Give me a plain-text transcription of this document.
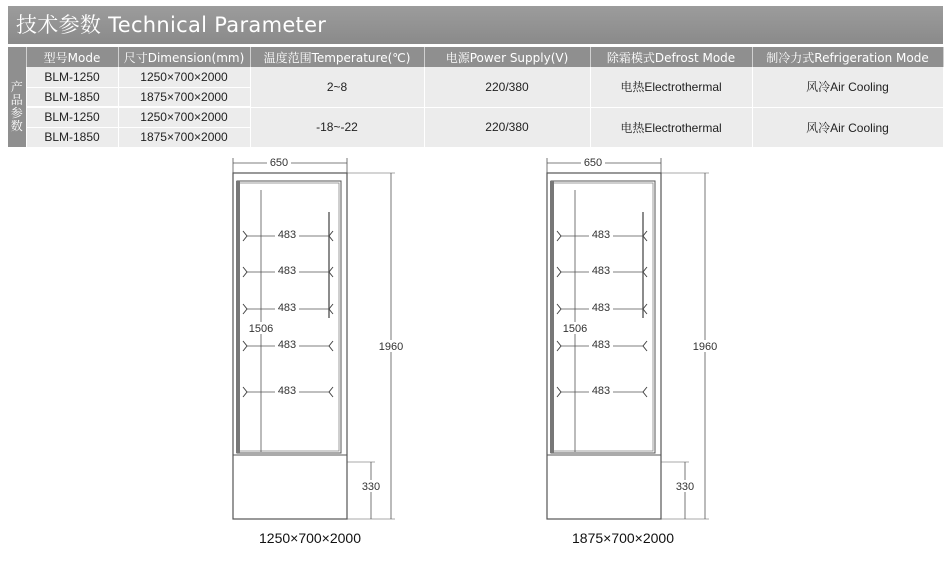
技术参数 Technical Parameter
	型号Mode	尺寸Dimension(mm)	温度范围Temperature(℃)	电源Power Supply(V)	除霜模式Defrost Mode	制冷力式Refrigeration Mode

产
品
参
数	BLM-1250	1250×700×2000	2~8	220/380	电热Electrothermal	风冷Air Cooling
	BLM-1850	1875×700×2000				
	BLM-1250	1250×700×2000	-18~-22	220/380	电热Electrothermal	风冷Air Cooling
	BLM-1850	1875×700×2000				
650
1960
330
1506
483
483
483
483
483
650
1960
330
1506
483
483
483
483
483
1250×700×2000	1875×700×2000
